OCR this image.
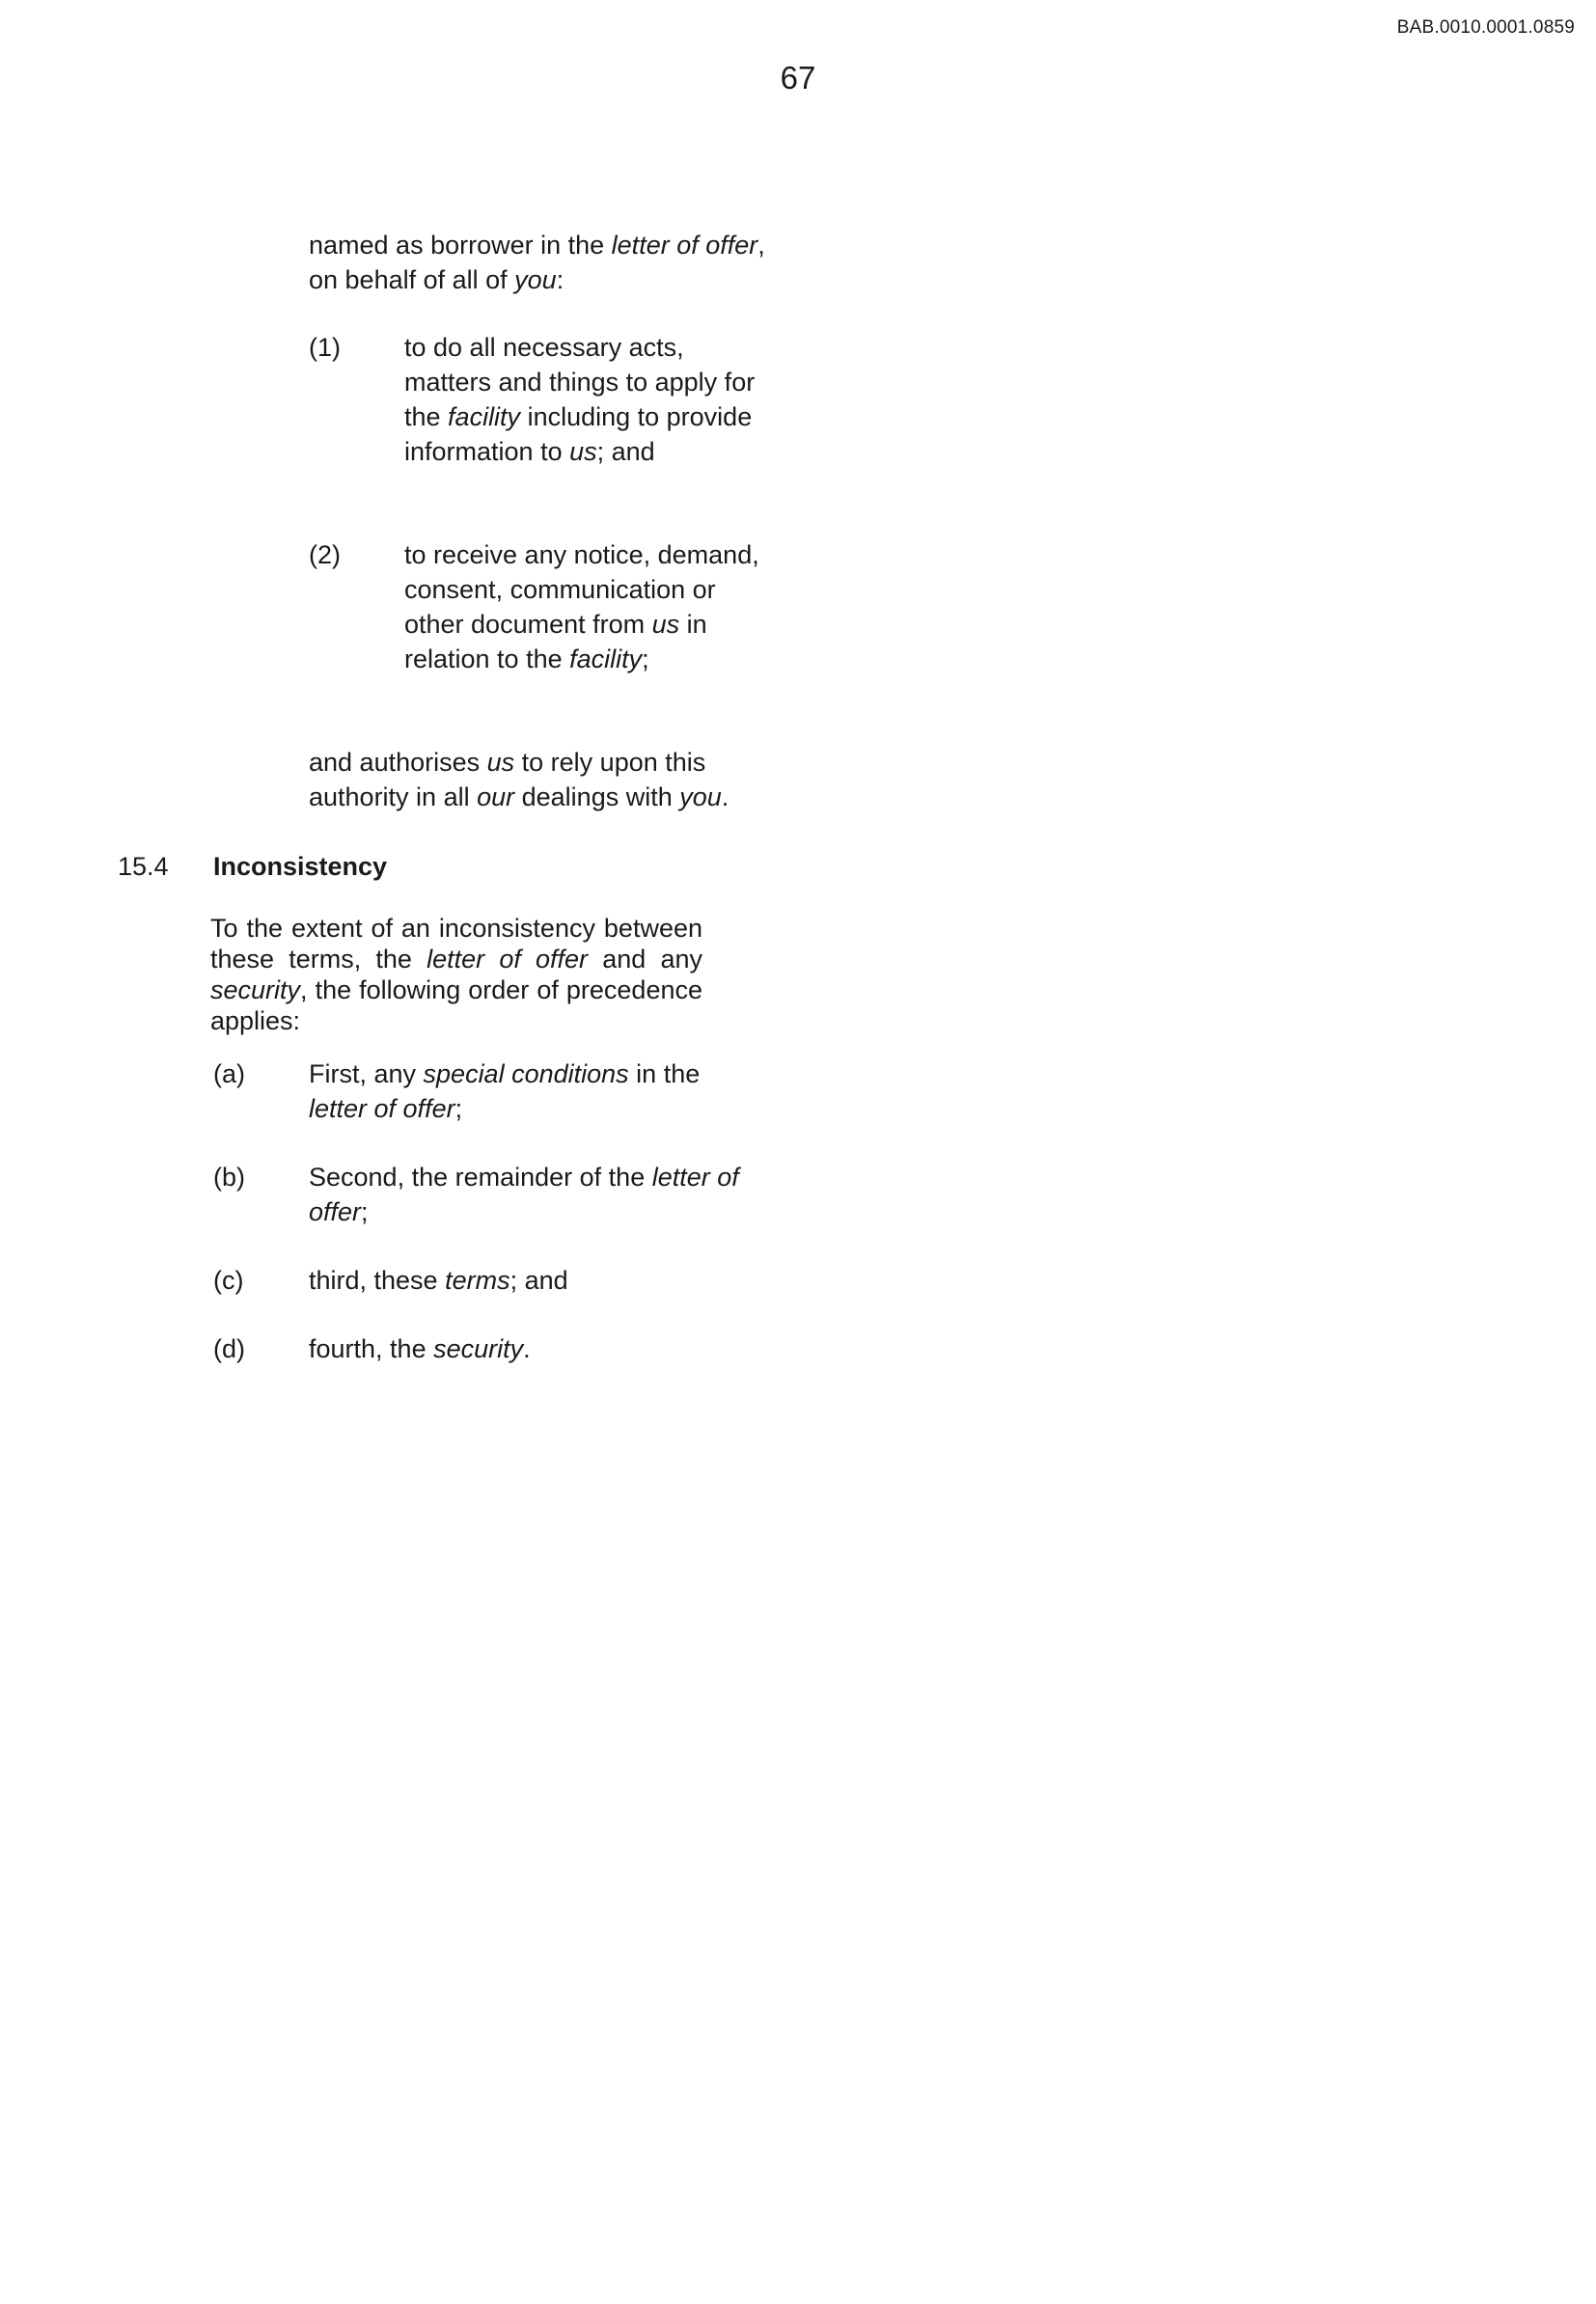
BAB.0010.0001.0859
67
named as borrower in the letter of offer, on behalf of all of you:
(1) to do all necessary acts, matters and things to apply for the facility including to provide information to us; and
(2) to receive any notice, demand, consent, communication or other document from us in relation to the facility;
and authorises us to rely upon this authority in all our dealings with you.
15.4 Inconsistency
To the extent of an inconsistency between these terms, the letter of offer and any security, the following order of precedence applies:
(a) First, any special conditions in the
letter of offer;
(b) Second, the remainder of the letter of offer;
(c)	third, these terms; and
(d) fourth, the security.
